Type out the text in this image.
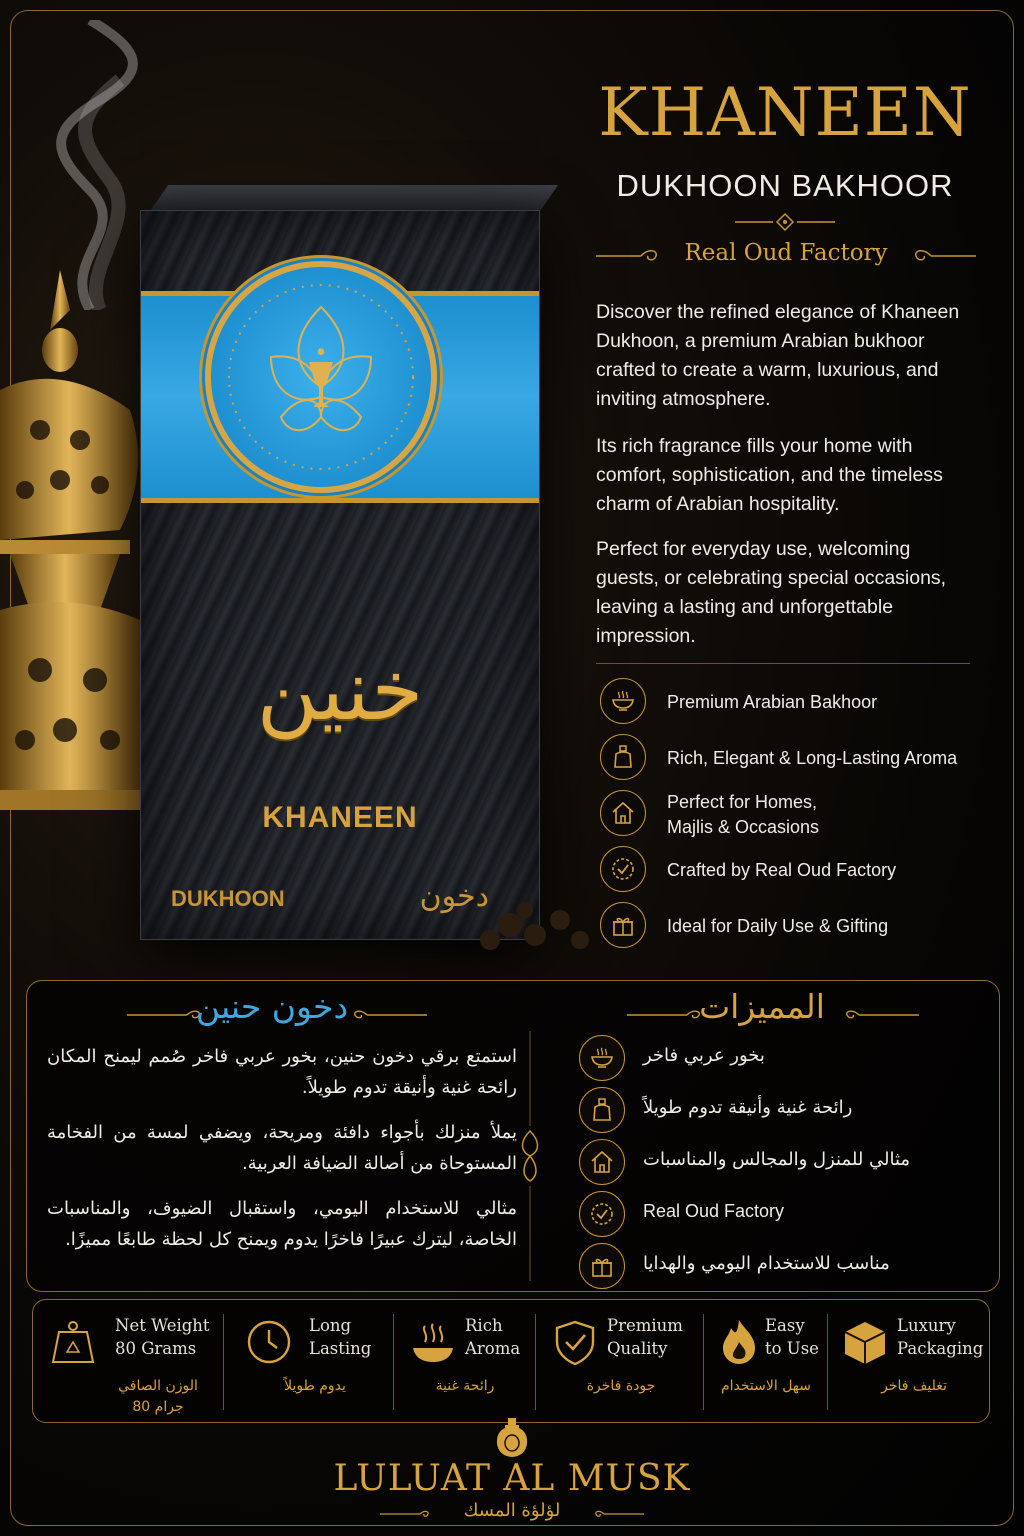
خنين
KHANEEN
DUKHOON	دخون
KHANEEN
DUKHOON BAKHOOR
Real Oud Factory

Discover the refined elegance of Khaneen Dukhoon, a premium Arabian bukhoor crafted to create a warm, luxurious, and inviting atmosphere.

Its rich fragrance fills your home with comfort, sophistication, and the timeless charm of Arabian hospitality.

Perfect for everyday use, welcoming guests, or celebrating special occasions, leaving a lasting and unforgettable impression.

Premium Arabian Bakhoor
Rich, Elegant & Long-Lasting Aroma
Perfect for Homes,
Majlis & Occasions
Crafted by Real Oud Factory
Ideal for Daily Use & Gifting
دخون حنين

استمتع برقي دخون حنين، بخور عربي فاخر صُمم ليمنح المكان رائحة غنية وأنيقة تدوم طويلاً.

يملأ منزلك بأجواء دافئة ومريحة، ويضفي لمسة من الفخامة المستوحاة من أصالة الضيافة العربية.

مثالي للاستخدام اليومي، واستقبال الضيوف، والمناسبات الخاصة، ليترك عبيرًا فاخرًا يدوم ويمنح كل لحظة طابعًا مميزًا.

المميزات
بخور عربي فاخر
رائحة غنية وأنيقة تدوم طويلاً
مثالي للمنزل والمجالس والمناسبات
Real Oud Factory
مناسب للاستخدام اليومي والهدايا
Net Weight
80 Grams
الوزن الصافي
80 جرام
Long
Lasting
يدوم طويلاً
Rich
Aroma
رائحة غنية
Premium
Quality
جودة فاخرة
Easy
to Use
سهل الاستخدام
Luxury
Packaging
تغليف فاخر
LULUAT AL MUSK
لؤلؤة المسك
